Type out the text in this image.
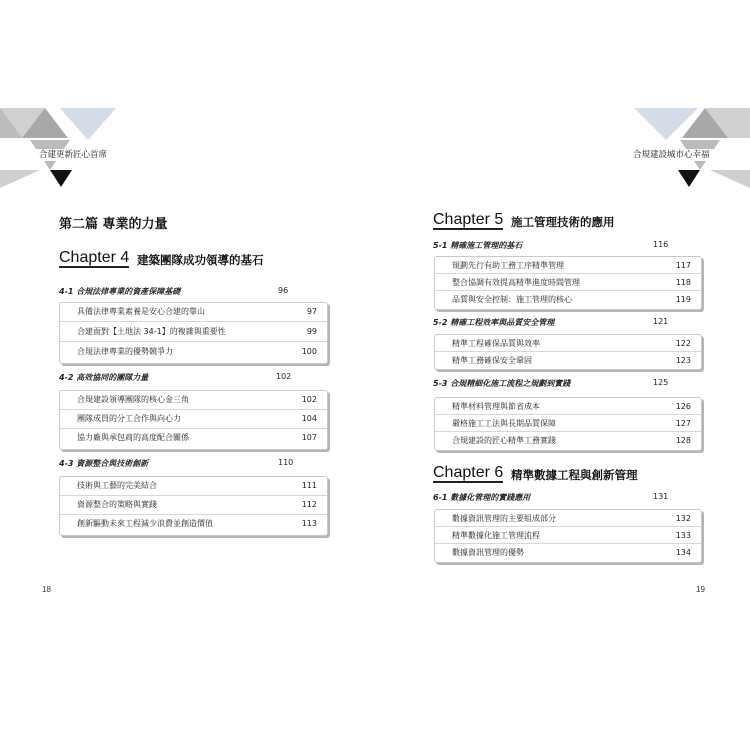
合建更新匠心首席
第二篇 專業的力量
Chapter 4 建築團隊成功領導的基石
4-1 合規法律專業的資產保障基礎	96
具備法律專業素養是安心合建的靠山	97
合建面對【土地法 34-1】的複雜與重要性	99
合規法律專業的優勢競爭力	100
4-2 高效協同的團隊力量	102
合規建設領導團隊的核心金三角	102
團隊成員的分工合作與向心力	104
協力廠與承包商的高度配合關係	107
4-3 資源整合與技術創新	110
技術與工藝的完美結合	111
資源整合的策略與實踐	112
創新驅動未來工程減少浪費並創造價值	113
18
合規建設城市心幸福
Chapter 5 施工管理技術的應用
5-1 精確施工管理的基石	116
規劃先行有助工務工序精準管理	117
整合協調有效提高精準進度時間管理	118
品質與安全控制：施工管理的核心	119
5-2 精確工程效率與品質安全管理	121
精準工程確保品質與效率	122
精準工務確保安全鞏固	123
5-3 合規精細化施工流程之規劃到實踐	125
精準材料管理與節省成本	126
嚴格施工工法與長期品質保障	127
合規建設的匠心精準工務實踐	128
Chapter 6 精準數據工程與創新管理
6-1 數據化管理的實踐應用	131
數據資訊管理的主要組成部分	132
精準數據化施工管理流程	133
數據資訊管理的優勢	134
19
